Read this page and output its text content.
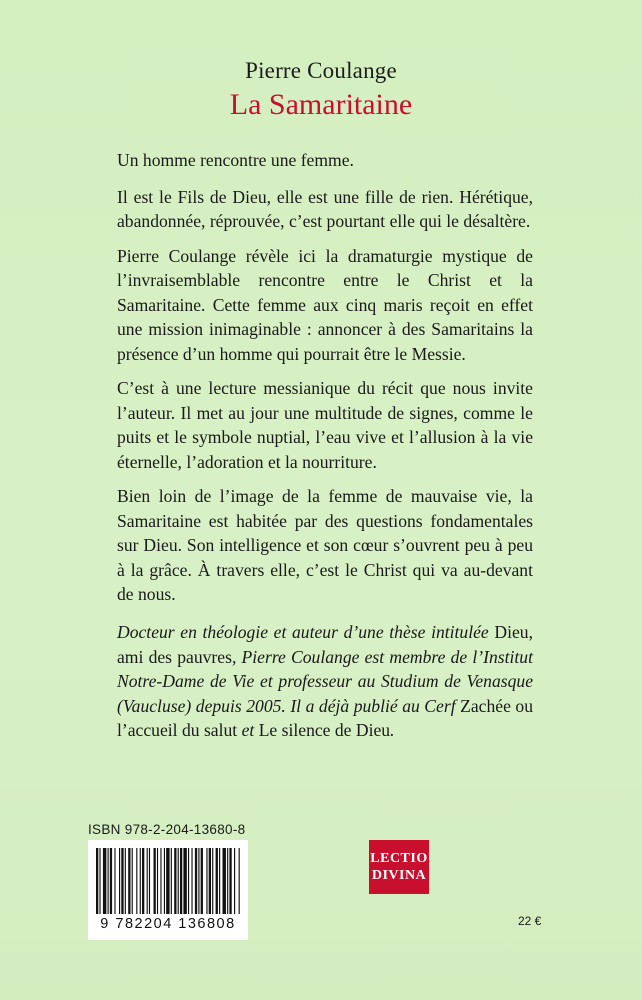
Pierre Coulange
La Samaritaine

Un homme rencontre une femme.

Il est le Fils de Dieu, elle est une fille de rien. Hérétique, abandonnée, réprouvée, c’est pourtant elle qui le désaltère.

Pierre Coulange révèle ici la dramaturgie mystique de l’invraisemblable rencontre entre le Christ et la Samaritaine. Cette femme aux cinq maris reçoit en effet une mission inimaginable : annoncer à des Samaritains la présence d’un homme qui pourrait être le Messie.

C’est à une lecture messianique du récit que nous invite l’auteur. Il met au jour une multitude de signes, comme le puits et le symbole nuptial, l’eau vive et l’allusion à la vie éternelle, l’adoration et la nourriture.

Bien loin de l’image de la femme de mauvaise vie, la Samaritaine est habitée par des questions fondamentales sur Dieu. Son intelligence et son cœur s’ouvrent peu à peu à la grâce. À travers elle, c’est le Christ qui va au-devant de nous.

Docteur en théologie et auteur d’une thèse intitulée Dieu, ami des pauvres, Pierre Coulange est membre de l’Institut Notre-Dame de Vie et professeur au Studium de Venasque (Vaucluse) depuis 2005. Il a déjà publié au Cerf Zachée ou l’accueil du salut et Le silence de Dieu.
ISBN 978-2-204-13680-8
9 782204 136808
LECTIO
DIVINA
22 €
